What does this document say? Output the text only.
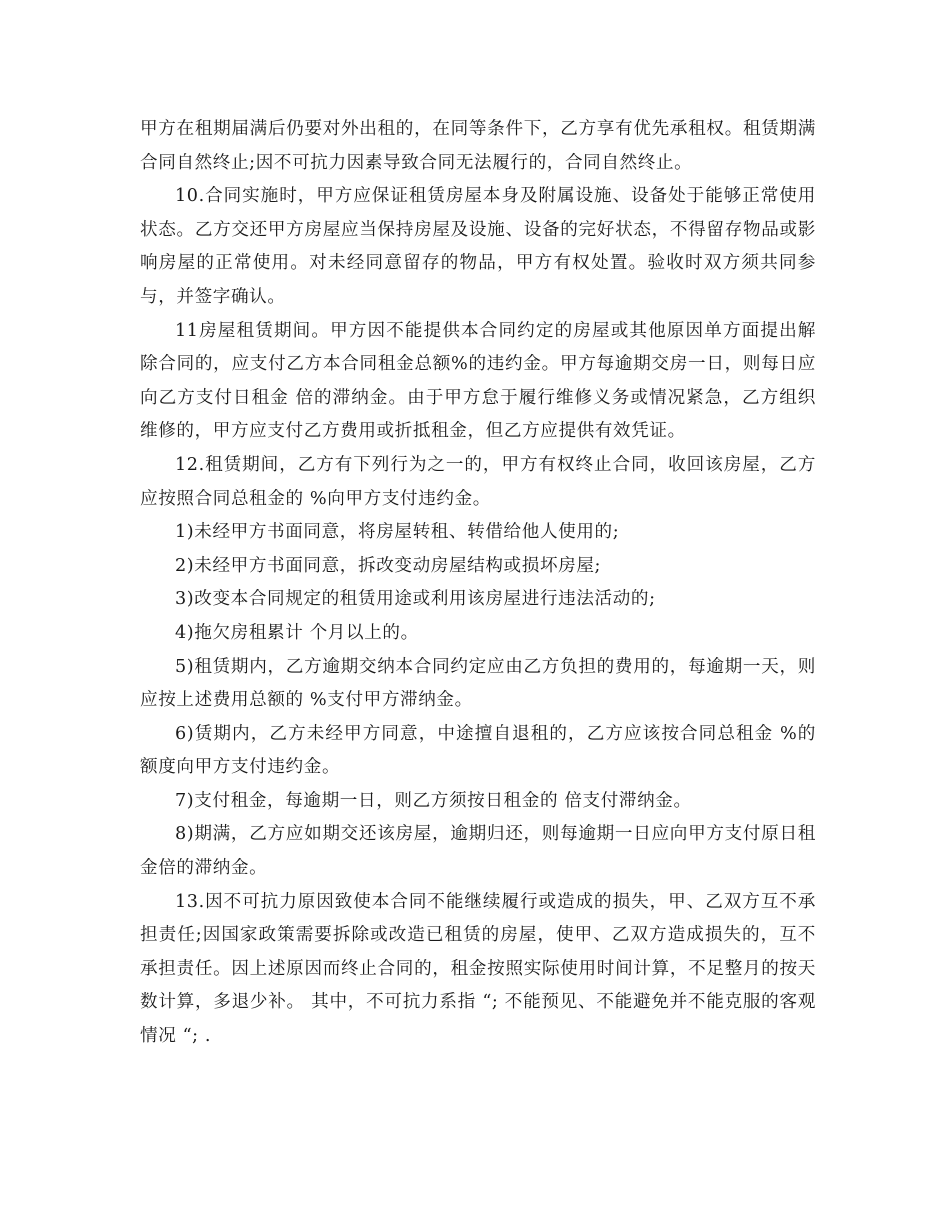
甲方在租期届满后仍要对外出租的，在同等条件下，乙方享有优先承租权。租赁期满合同自然终止;因不可抗力因素导致合同无法履行的，合同自然终止。

10.合同实施时，甲方应保证租赁房屋本身及附属设施、设备处于能够正常使用状态。乙方交还甲方房屋应当保持房屋及设施、设备的完好状态，不得留存物品或影响房屋的正常使用。对未经同意留存的物品，甲方有权处置。验收时双方须共同参与，并签字确认。

11房屋租赁期间。甲方因不能提供本合同约定的房屋或其他原因单方面提出解除合同的，应支付乙方本合同租金总额%的违约金。甲方每逾期交房一日，则每日应向乙方支付日租金 倍的滞纳金。由于甲方怠于履行维修义务或情况紧急，乙方组织维修的，甲方应支付乙方费用或折抵租金，但乙方应提供有效凭证。

12.租赁期间，乙方有下列行为之一的，甲方有权终止合同，收回该房屋，乙方应按照合同总租金的 %向甲方支付违约金。

1)未经甲方书面同意，将房屋转租、转借给他人使用的;

2)未经甲方书面同意，拆改变动房屋结构或损坏房屋;

3)改变本合同规定的租赁用途或利用该房屋进行违法活动的;

4)拖欠房租累计 个月以上的。

5)租赁期内，乙方逾期交纳本合同约定应由乙方负担的费用的，每逾期一天，则应按上述费用总额的 %支付甲方滞纳金。

6)赁期内，乙方未经甲方同意，中途擅自退租的，乙方应该按合同总租金 %的额度向甲方支付违约金。

7)支付租金，每逾期一日，则乙方须按日租金的 倍支付滞纳金。

8)期满，乙方应如期交还该房屋，逾期归还，则每逾期一日应向甲方支付原日租金倍的滞纳金。

13.因不可抗力原因致使本合同不能继续履行或造成的损失，甲、乙双方互不承担责任;因国家政策需要拆除或改造已租赁的房屋，使甲、乙双方造成损失的，互不承担责任。因上述原因而终止合同的，租金按照实际使用时间计算，不足整月的按天数计算，多退少补。 其中，不可抗力系指 “; 不能预见、不能避免并不能克服的客观情况 “; .
